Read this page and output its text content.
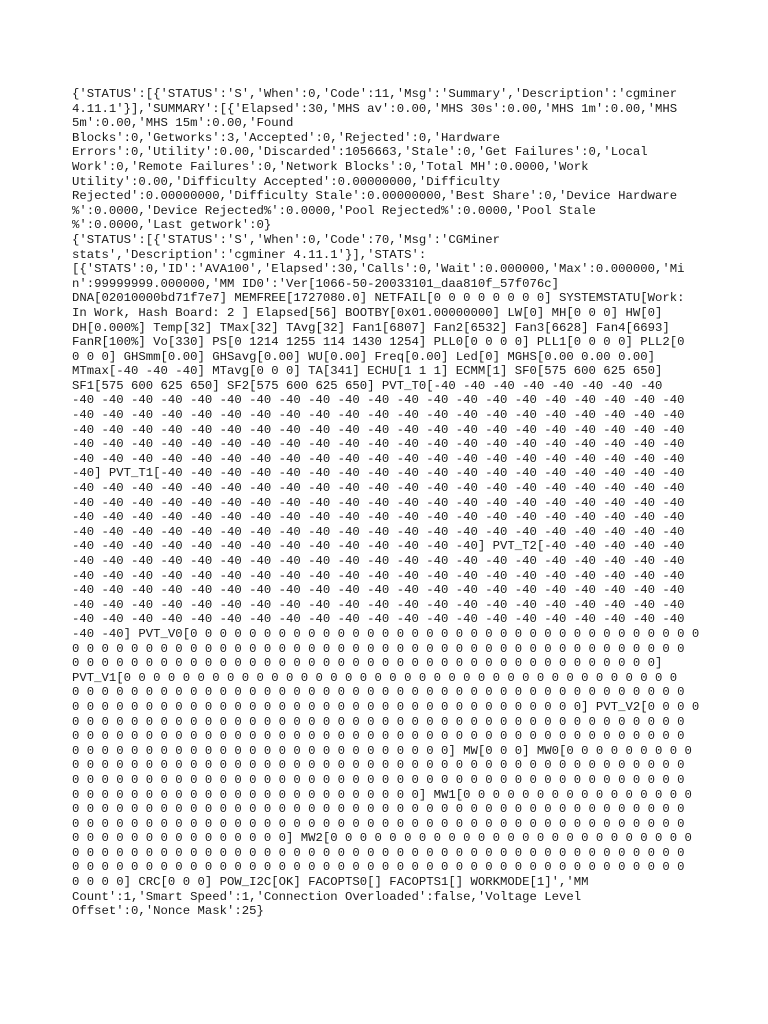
{'STATUS':[{'STATUS':'S','When':0,'Code':11,'Msg':'Summary','Description':'cgminer
4.11.1'}],'SUMMARY':[{'Elapsed':30,'MHS av':0.00,'MHS 30s':0.00,'MHS 1m':0.00,'MHS
5m':0.00,'MHS 15m':0.00,'Found
Blocks':0,'Getworks':3,'Accepted':0,'Rejected':0,'Hardware
Errors':0,'Utility':0.00,'Discarded':1056663,'Stale':0,'Get Failures':0,'Local
Work':0,'Remote Failures':0,'Network Blocks':0,'Total MH':0.0000,'Work
Utility':0.00,'Difficulty Accepted':0.00000000,'Difficulty
Rejected':0.00000000,'Difficulty Stale':0.00000000,'Best Share':0,'Device Hardware
%':0.0000,'Device Rejected%':0.0000,'Pool Rejected%':0.0000,'Pool Stale
%':0.0000,'Last getwork':0}
{'STATUS':[{'STATUS':'S','When':0,'Code':70,'Msg':'CGMiner
stats','Description':'cgminer 4.11.1'}],'STATS':
[{'STATS':0,'ID':'AVA100','Elapsed':30,'Calls':0,'Wait':0.000000,'Max':0.000000,'Mi
n':99999999.000000,'MM ID0':'Ver[1066-50-20033101_daa810f_57f076c]
DNA[02010000bd71f7e7] MEMFREE[1727080.0] NETFAIL[0 0 0 0 0 0 0 0] SYSTEMSTATU[Work:
In Work, Hash Board: 2 ] Elapsed[56] BOOTBY[0x01.00000000] LW[0] MH[0 0 0] HW[0]
DH[0.000%] Temp[32] TMax[32] TAvg[32] Fan1[6807] Fan2[6532] Fan3[6628] Fan4[6693]
FanR[100%] Vo[330] PS[0 1214 1255 114 1430 1254] PLL0[0 0 0 0] PLL1[0 0 0 0] PLL2[0
0 0 0] GHSmm[0.00] GHSavg[0.00] WU[0.00] Freq[0.00] Led[0] MGHS[0.00 0.00 0.00]
MTmax[-40 -40 -40] MTavg[0 0 0] TA[341] ECHU[1 1 1] ECMM[1] SF0[575 600 625 650]
SF1[575 600 625 650] SF2[575 600 625 650] PVT_T0[-40 -40 -40 -40 -40 -40 -40 -40
-40 -40 -40 -40 -40 -40 -40 -40 -40 -40 -40 -40 -40 -40 -40 -40 -40 -40 -40 -40 -40
-40 -40 -40 -40 -40 -40 -40 -40 -40 -40 -40 -40 -40 -40 -40 -40 -40 -40 -40 -40 -40
-40 -40 -40 -40 -40 -40 -40 -40 -40 -40 -40 -40 -40 -40 -40 -40 -40 -40 -40 -40 -40
-40 -40 -40 -40 -40 -40 -40 -40 -40 -40 -40 -40 -40 -40 -40 -40 -40 -40 -40 -40 -40
-40 -40 -40 -40 -40 -40 -40 -40 -40 -40 -40 -40 -40 -40 -40 -40 -40 -40 -40 -40 -40
-40] PVT_T1[-40 -40 -40 -40 -40 -40 -40 -40 -40 -40 -40 -40 -40 -40 -40 -40 -40 -40
-40 -40 -40 -40 -40 -40 -40 -40 -40 -40 -40 -40 -40 -40 -40 -40 -40 -40 -40 -40 -40
-40 -40 -40 -40 -40 -40 -40 -40 -40 -40 -40 -40 -40 -40 -40 -40 -40 -40 -40 -40 -40
-40 -40 -40 -40 -40 -40 -40 -40 -40 -40 -40 -40 -40 -40 -40 -40 -40 -40 -40 -40 -40
-40 -40 -40 -40 -40 -40 -40 -40 -40 -40 -40 -40 -40 -40 -40 -40 -40 -40 -40 -40 -40
-40 -40 -40 -40 -40 -40 -40 -40 -40 -40 -40 -40 -40 -40] PVT_T2[-40 -40 -40 -40 -40
-40 -40 -40 -40 -40 -40 -40 -40 -40 -40 -40 -40 -40 -40 -40 -40 -40 -40 -40 -40 -40
-40 -40 -40 -40 -40 -40 -40 -40 -40 -40 -40 -40 -40 -40 -40 -40 -40 -40 -40 -40 -40
-40 -40 -40 -40 -40 -40 -40 -40 -40 -40 -40 -40 -40 -40 -40 -40 -40 -40 -40 -40 -40
-40 -40 -40 -40 -40 -40 -40 -40 -40 -40 -40 -40 -40 -40 -40 -40 -40 -40 -40 -40 -40
-40 -40 -40 -40 -40 -40 -40 -40 -40 -40 -40 -40 -40 -40 -40 -40 -40 -40 -40 -40 -40
-40 -40] PVT_V0[0 0 0 0 0 0 0 0 0 0 0 0 0 0 0 0 0 0 0 0 0 0 0 0 0 0 0 0 0 0 0 0 0 0 0
0 0 0 0 0 0 0 0 0 0 0 0 0 0 0 0 0 0 0 0 0 0 0 0 0 0 0 0 0 0 0 0 0 0 0 0 0 0 0 0 0 0
0 0 0 0 0 0 0 0 0 0 0 0 0 0 0 0 0 0 0 0 0 0 0 0 0 0 0 0 0 0 0 0 0 0 0 0 0 0 0 0]
PVT_V1[0 0 0 0 0 0 0 0 0 0 0 0 0 0 0 0 0 0 0 0 0 0 0 0 0 0 0 0 0 0 0 0 0 0 0 0 0 0
0 0 0 0 0 0 0 0 0 0 0 0 0 0 0 0 0 0 0 0 0 0 0 0 0 0 0 0 0 0 0 0 0 0 0 0 0 0 0 0 0 0
0 0 0 0 0 0 0 0 0 0 0 0 0 0 0 0 0 0 0 0 0 0 0 0 0 0 0 0 0 0 0 0 0 0 0] PVT_V2[0 0 0 0
0 0 0 0 0 0 0 0 0 0 0 0 0 0 0 0 0 0 0 0 0 0 0 0 0 0 0 0 0 0 0 0 0 0 0 0 0 0 0 0 0 0
0 0 0 0 0 0 0 0 0 0 0 0 0 0 0 0 0 0 0 0 0 0 0 0 0 0 0 0 0 0 0 0 0 0 0 0 0 0 0 0 0 0
0 0 0 0 0 0 0 0 0 0 0 0 0 0 0 0 0 0 0 0 0 0 0 0 0 0] MW[0 0 0] MW0[0 0 0 0 0 0 0 0 0
0 0 0 0 0 0 0 0 0 0 0 0 0 0 0 0 0 0 0 0 0 0 0 0 0 0 0 0 0 0 0 0 0 0 0 0 0 0 0 0 0 0
0 0 0 0 0 0 0 0 0 0 0 0 0 0 0 0 0 0 0 0 0 0 0 0 0 0 0 0 0 0 0 0 0 0 0 0 0 0 0 0 0 0
0 0 0 0 0 0 0 0 0 0 0 0 0 0 0 0 0 0 0 0 0 0 0 0] MW1[0 0 0 0 0 0 0 0 0 0 0 0 0 0 0 0
0 0 0 0 0 0 0 0 0 0 0 0 0 0 0 0 0 0 0 0 0 0 0 0 0 0 0 0 0 0 0 0 0 0 0 0 0 0 0 0 0 0
0 0 0 0 0 0 0 0 0 0 0 0 0 0 0 0 0 0 0 0 0 0 0 0 0 0 0 0 0 0 0 0 0 0 0 0 0 0 0 0 0 0
0 0 0 0 0 0 0 0 0 0 0 0 0 0 0] MW2[0 0 0 0 0 0 0 0 0 0 0 0 0 0 0 0 0 0 0 0 0 0 0 0 0
0 0 0 0 0 0 0 0 0 0 0 0 0 0 0 0 0 0 0 0 0 0 0 0 0 0 0 0 0 0 0 0 0 0 0 0 0 0 0 0 0 0
0 0 0 0 0 0 0 0 0 0 0 0 0 0 0 0 0 0 0 0 0 0 0 0 0 0 0 0 0 0 0 0 0 0 0 0 0 0 0 0 0 0
0 0 0 0] CRC[0 0 0] POW_I2C[OK] FACOPTS0[] FACOPTS1[] WORKMODE[1]','MM
Count':1,'Smart Speed':1,'Connection Overloaded':false,'Voltage Level
Offset':0,'Nonce Mask':25}
